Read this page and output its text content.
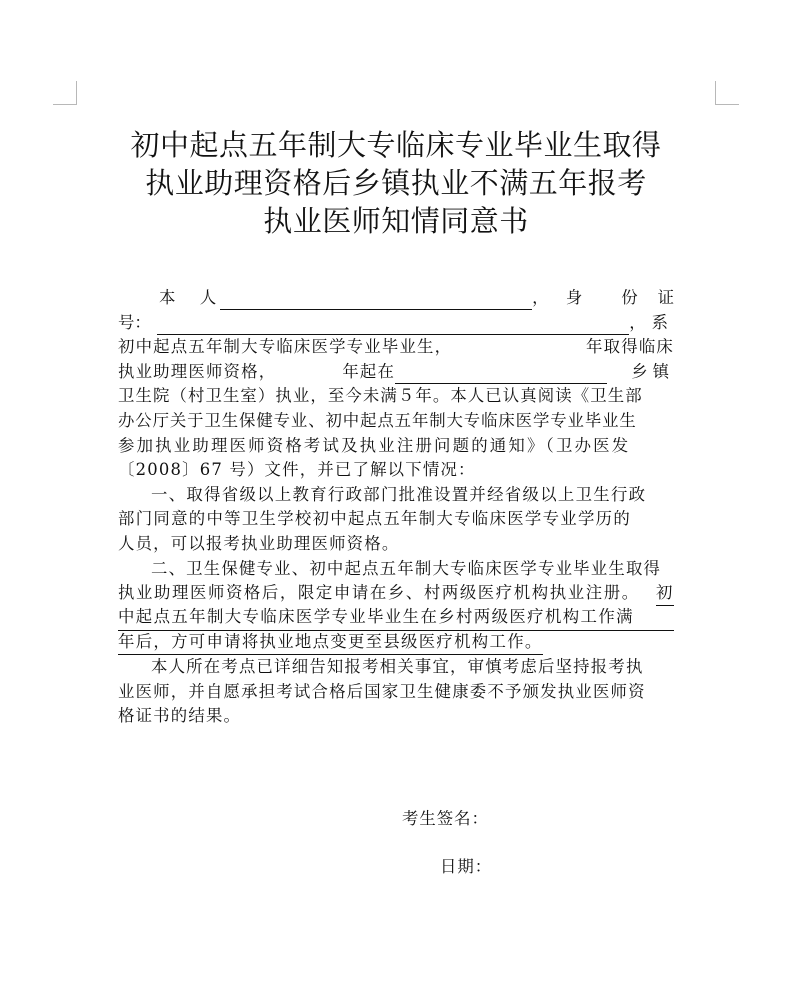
初中起点五年制大专临床专业毕业生取得
执业助理资格后乡镇执业不满五年报考
执业医师知情同意书
本　人	， 身 份 证
号：	，系
初中起点五年制大专临床医学专业毕业生，	年取得临床
执业助理医师资格，	年起在	乡镇
卫生院（村卫生室）执业，至今未满５年。本人已认真阅读《卫生部
办公厅关于卫生保健专业、初中起点五年制大专临床医学专业毕业生
参加执业助理医师资格考试及执业注册问题的通知》（卫办医发
〔2008〕67 号）文件，并已了解以下情况：
一、取得省级以上教育行政部门批准设置并经省级以上卫生行政
部门同意的中等卫生学校初中起点五年制大专临床医学专业学历的
人员，可以报考执业助理医师资格。
二、卫生保健专业、初中起点五年制大专临床医学专业毕业生取得
执业助理医师资格后，限定申请在乡、村两级医疗机构执业注册。 初
中起点五年制大专临床医学专业毕业生在乡村两级医疗机构工作满
年后，方可申请将执业地点变更至县级医疗机构工作。
本人所在考点已详细告知报考相关事宜，审慎考虑后坚持报考执
业医师，并自愿承担考试合格后国家卫生健康委不予颁发执业医师资
格证书的结果。
考生签名：
日期：
